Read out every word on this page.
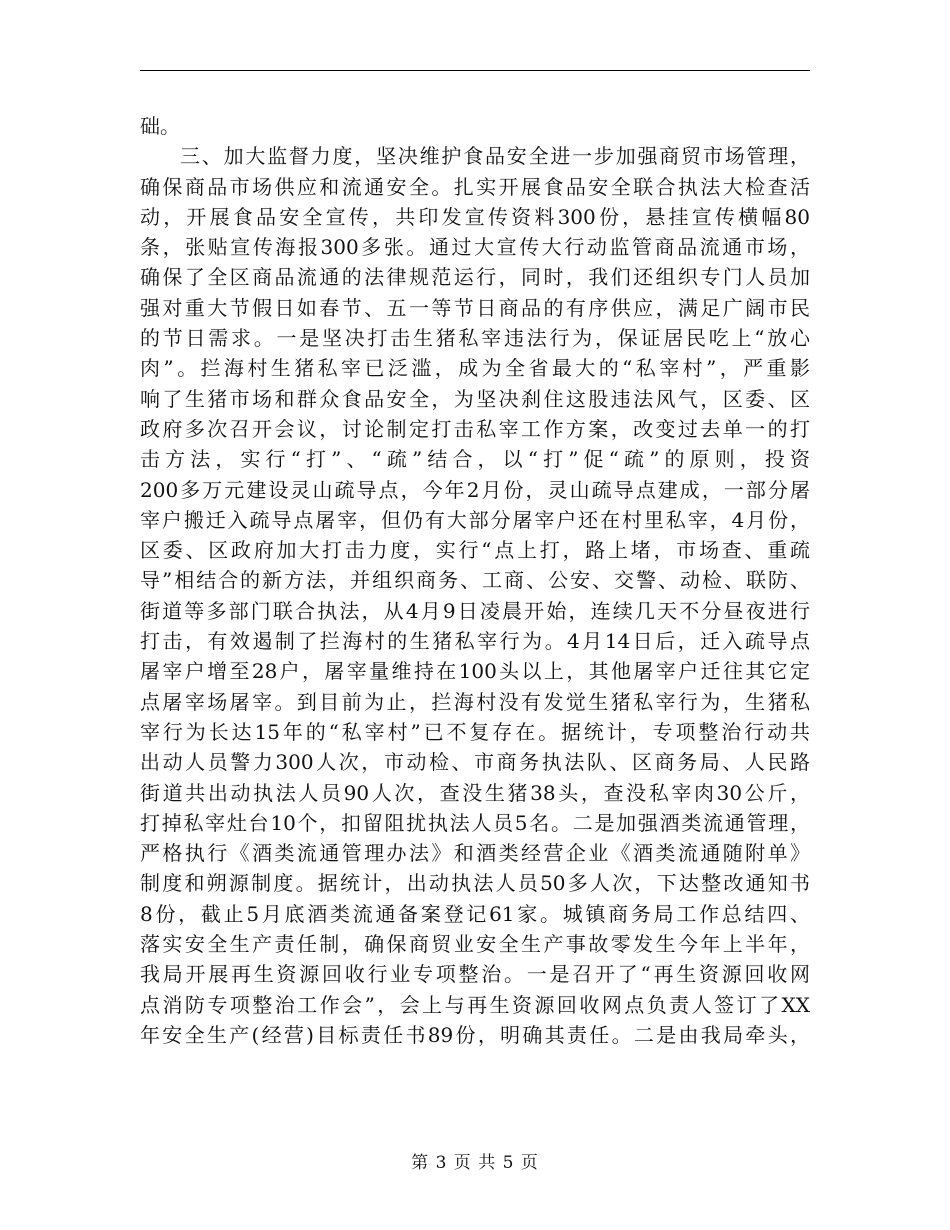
础。
三、加大监督力度，坚决维护食品安全进一步加强商贸市场管理，
确保商品市场供应和流通安全。扎实开展食品安全联合执法大检查活
动，开展食品安全宣传，共印发宣传资料300份，悬挂宣传横幅80
条，张贴宣传海报300多张。通过大宣传大行动监管商品流通市场，
确保了全区商品流通的法律规范运行，同时，我们还组织专门人员加
强对重大节假日如春节、五一等节日商品的有序供应，满足广阔市民
的节日需求。一是坚决打击生猪私宰违法行为，保证居民吃上“放心
肉”。拦海村生猪私宰已泛滥，成为全省最大的“私宰村”，严重影
响了生猪市场和群众食品安全，为坚决刹住这股违法风气，区委、区
政府多次召开会议，讨论制定打击私宰工作方案，改变过去单一的打
击方法，实行“打”、“疏”结合，以“打”促“疏”的原则，投资
200多万元建设灵山疏导点，今年2月份，灵山疏导点建成，一部分屠
宰户搬迁入疏导点屠宰，但仍有大部分屠宰户还在村里私宰，4月份，
区委、区政府加大打击力度，实行“点上打，路上堵，市场查、重疏
导”相结合的新方法，并组织商务、工商、公安、交警、动检、联防、
街道等多部门联合执法，从4月9日凌晨开始，连续几天不分昼夜进行
打击，有效遏制了拦海村的生猪私宰行为。4月14日后，迁入疏导点
屠宰户增至28户，屠宰量维持在100头以上，其他屠宰户迁往其它定
点屠宰场屠宰。到目前为止，拦海村没有发觉生猪私宰行为，生猪私
宰行为长达15年的“私宰村”已不复存在。据统计，专项整治行动共
出动人员警力300人次，市动检、市商务执法队、区商务局、人民路
街道共出动执法人员90人次，查没生猪38头，查没私宰肉30公斤，
打掉私宰灶台10个，扣留阻扰执法人员5名。二是加强酒类流通管理，
严格执行《酒类流通管理办法》和酒类经营企业《酒类流通随附单》
制度和朔源制度。据统计，出动执法人员50多人次，下达整改通知书
8份，截止5月底酒类流通备案登记61家。城镇商务局工作总结四、
落实安全生产责任制，确保商贸业安全生产事故零发生今年上半年，
我局开展再生资源回收行业专项整治。一是召开了“再生资源回收网
点消防专项整治工作会”，会上与再生资源回收网点负责人签订了XX
年安全生产(经营)目标责任书89份，明确其责任。二是由我局牵头，
第 3 页 共 5 页
